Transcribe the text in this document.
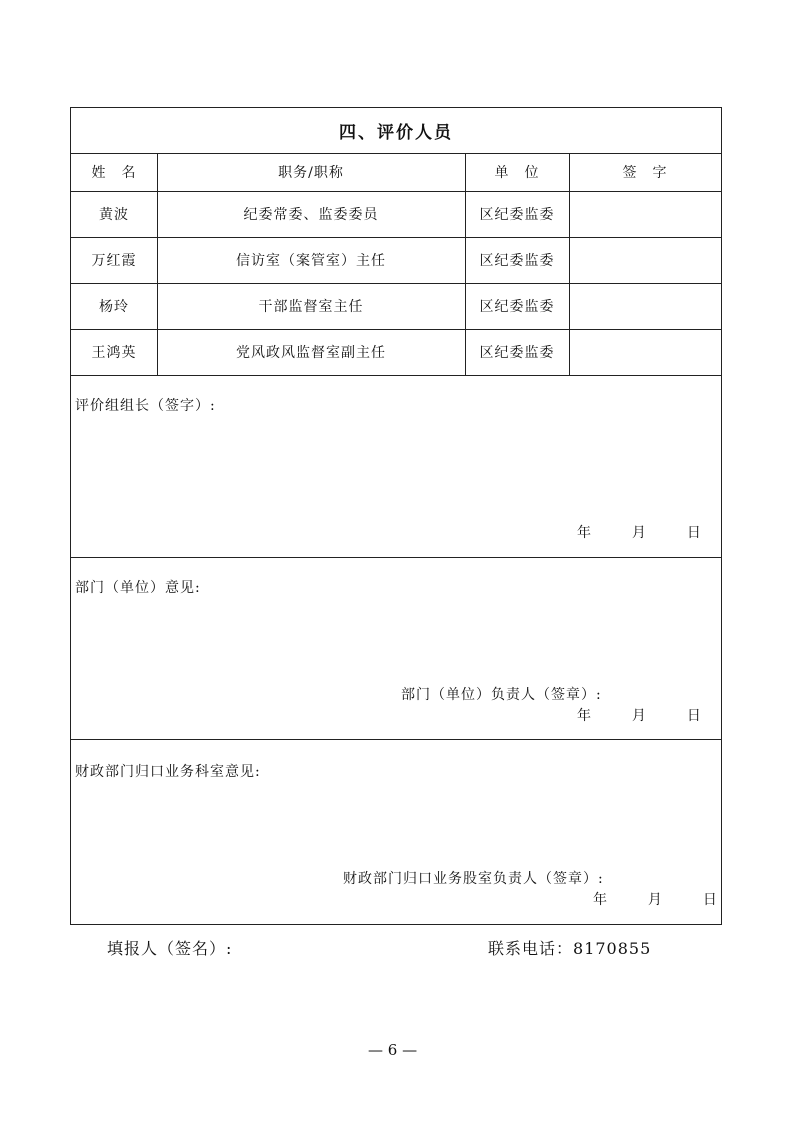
四、评价人员
姓　名	职务/职称	单　位	签　字
黄波	纪委常委、监委委员	区纪委监委
万红霞	信访室（案管室）主任	区纪委监委
杨玲	干部监督室主任	区纪委监委
王鸿英	党风政风监督室副主任	区纪委监委
评价组组长（签字）:
年	月	日
部门（单位）意见:
部门（单位）负责人（签章）:
年	月	日
财政部门归口业务科室意见:
财政部门归口业务股室负责人（签章）:
年	月	日
填报人（签名）:	联系电话：8170855
— 6 —
